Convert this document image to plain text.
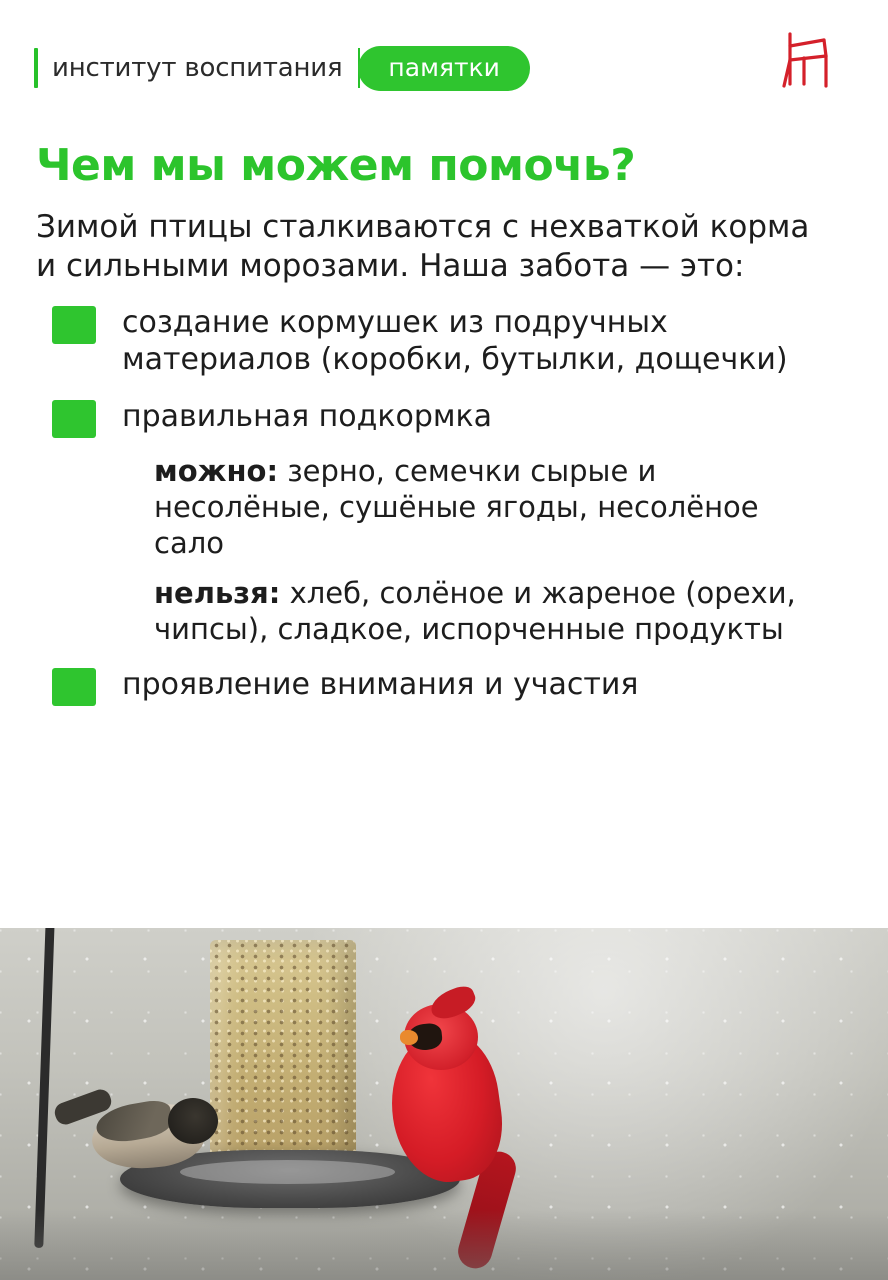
институт воспитания	памятки
Чем мы можем помочь?

Зимой птицы сталкиваются с нехваткой корма и сильными морозами. Наша забота — это:

создание кормушек из подручных материалов (коробки, бутылки, дощечки)
правильная подкормка

можно: зерно, семечки сырые и несолёные, сушёные ягоды, несолёное сало

нельзя: хлеб, солёное и жареное (орехи, чипсы), сладкое, испорченные продукты

проявление внимания и участия
